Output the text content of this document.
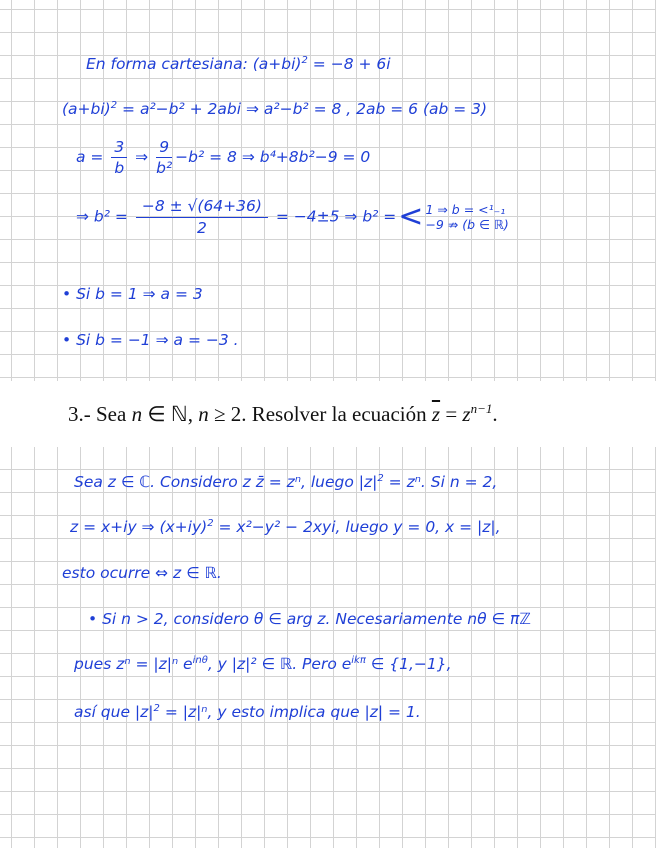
En forma cartesiana: $(a+bi)^2 = -8 + 6i$
$(a+bi)^2 = a^2-b^2 + 2abi$ ⇒ a²−b² = 8 , 2ab = 6 (ab = 3)
$a = \frac{3}{b}$ ⇒ $\frac{9}{\text{b²}} -b^2 = 8$ ⇒ b⁴+8b²−9 = 0
⇒ $b^2 = \frac{-8 \pm √(64+36)}{2} = -4\pm 5$ ⇒ b² =< 1 ⇒ b = <¹₋₁
−9 ⇏ (b ∈ ℝ)
• Si b = 1 ⇒ a = 3
• Si b = −1 ⇒ a = −3 .
3.- Sea n ∈ ℕ, n ≥ 2. Resolver la ecuación $\overline{z} = z^{n-1}$.
Sea z ∈ ℂ. Considero z z̄ = zⁿ, luego $|z|^2 = z^n$. Si n = 2,
z = x+iy ⇒ $(x+iy)^2 = x^2-y^2 - 2xyi$, luego y = 0, x = |z|,
esto ocurre ⇔ z ∈ ℝ.
• Si n > 2, considero θ ∈ arg z. Necesariamente nθ ∈ πℤ
pues zⁿ = |z|ⁿ $e^{in\theta}$, y |z|² ∈ ℝ. Pero $e^{ik\pi}$ ∈ {1,−1},
así que $|z|^2 = |z|^n$, y esto implica que |z| = 1.
